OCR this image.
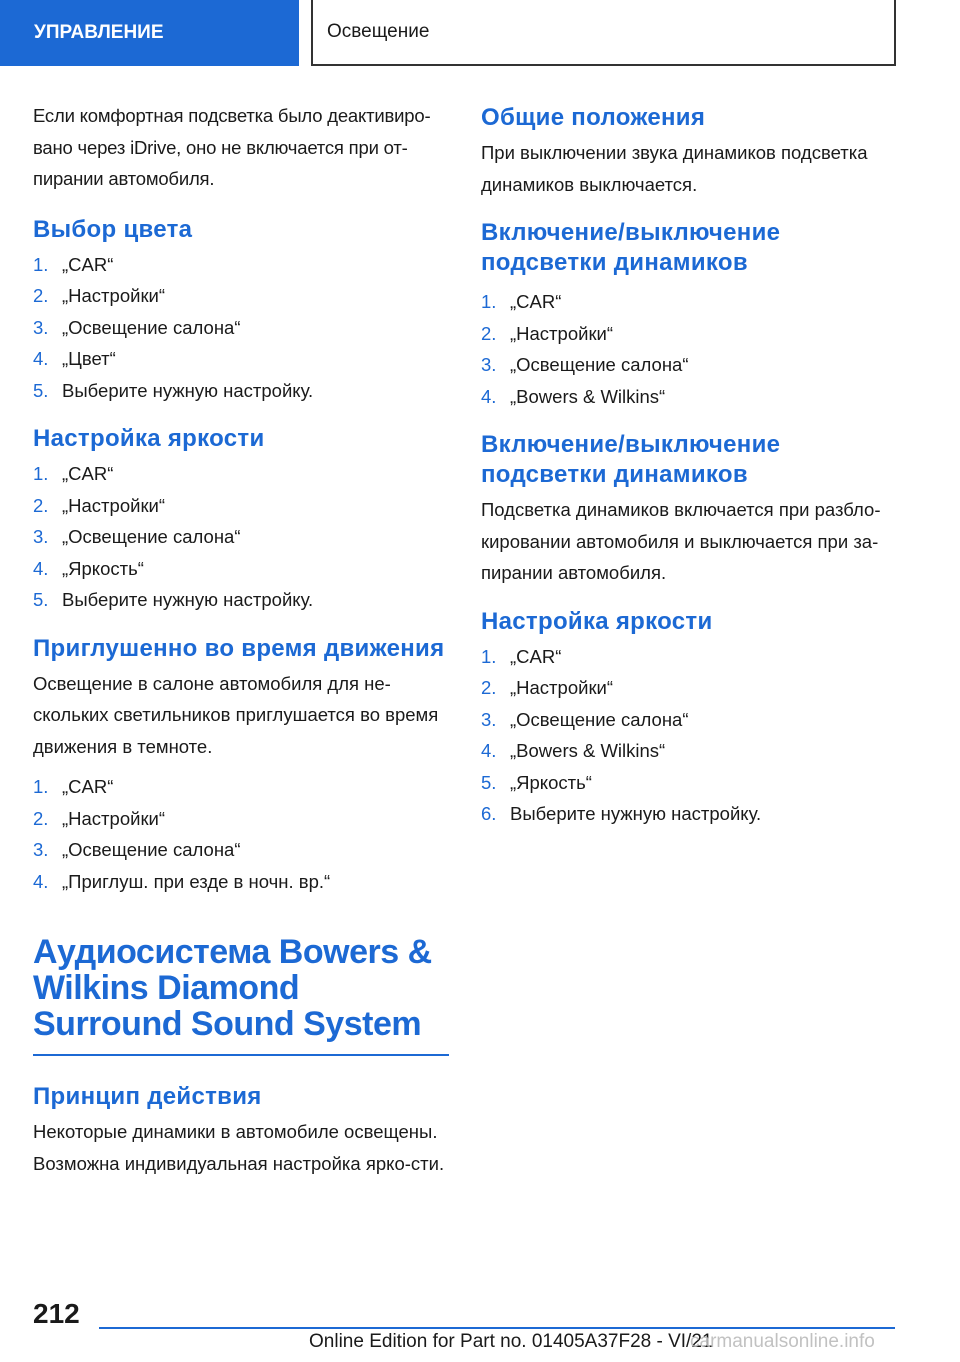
УПРАВЛЕНИЕ	Освещение

Если комфортная подсветка было деактивиро-вано через iDrive, оно не включается при от-пирании автомобиля.

Выбор цвета
1. „CAR“
2. „Настройки“
3. „Освещение салона“
4. „Цвет“
5. Выберите нужную настройку.
Настройка яркости
1. „CAR“
2. „Настройки“
3. „Освещение салона“
4. „Яркость“
5. Выберите нужную настройку.
Приглушенно во время движения

Освещение в салоне автомобиля для не-скольких светильников приглушается во время движения в темноте.

1. „CAR“
2. „Настройки“
3. „Освещение салона“
4. „Приглуш. при езде в ночн. вр.“
Аудиосистема Bowers & Wilkins Diamond Surround Sound System
Принцип действия

Некоторые динамики в автомобиле освещены. Возможна индивидуальная настройка ярко-сти.

Общие положения

При выключении звука динамиков подсветка динамиков выключается.

Включение/выключение подсветки динамиков
1. „CAR“
2. „Настройки“
3. „Освещение салона“
4. „Bowers & Wilkins“
Включение/выключение подсветки динамиков

Подсветка динамиков включается при разбло-кировании автомобиля и выключается при за-пирании автомобиля.

Настройка яркости
1. „CAR“
2. „Настройки“
3. „Освещение салона“
4. „Bowers & Wilkins“
5. „Яркость“
6. Выберите нужную настройку.
212
Online Edition for Part no. 01405A37F28 - VI/21
carmanualsonline.info
